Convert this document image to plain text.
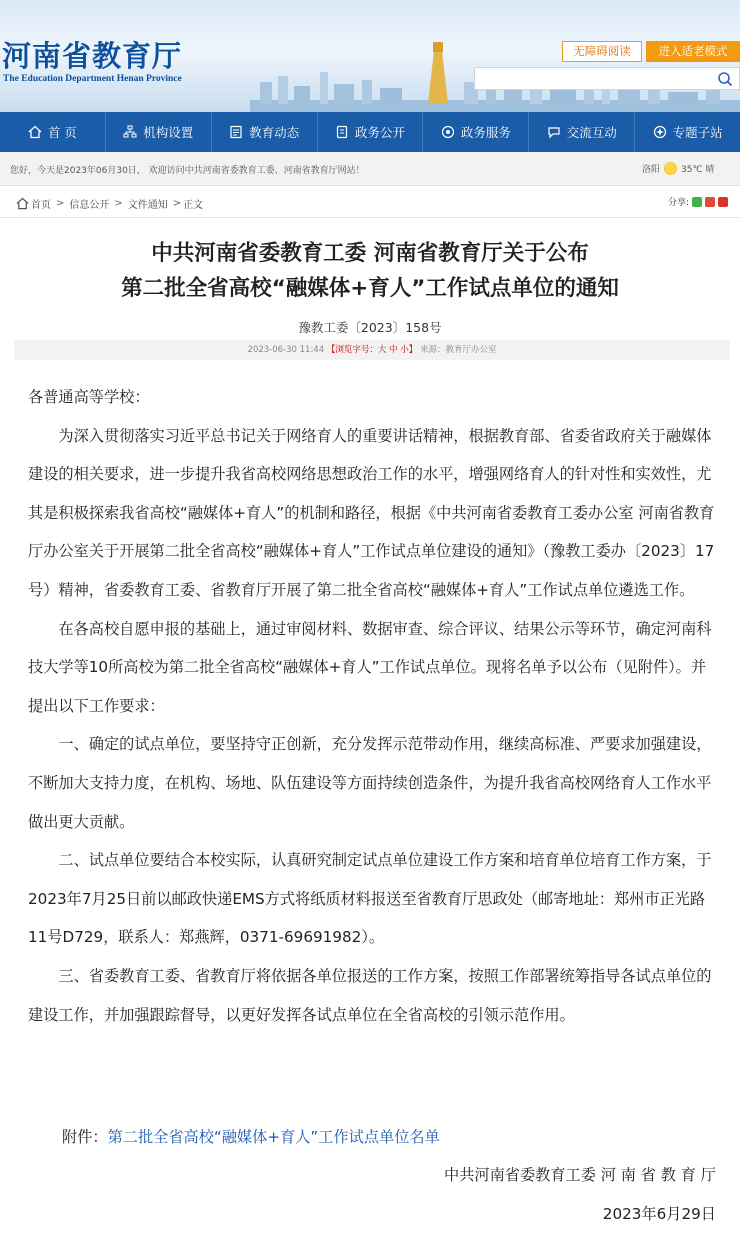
河南省教育厅
The Education Department Henan Province
无障碍阅读	进入适老模式
首 页	机构设置	教育动态	政务公开	政务服务	交流互动	专题子站
您好，今天是2023年06月30日， 欢迎访问中共河南省委教育工委、河南省教育厅网站！	洛阳 35℃ 晴
首页 > 信息公开 > 文件通知 > 正文	分享:
中共河南省委教育工委 河南省教育厅关于公布
第二批全省高校“融媒体+育人”工作试点单位的通知
豫教工委〔2023〕158号
2023-06-30 11:44 【浏览字号：大 中 小】 来源：教育厅办公室

各普通高等学校：

为深入贯彻落实习近平总书记关于网络育人的重要讲话精神，根据教育部、省委省政府关于融媒体建设的相关要求，进一步提升我省高校网络思想政治工作的水平，增强网络育人的针对性和实效性，尤其是积极探索我省高校“融媒体+育人”的机制和路径，根据《中共河南省委教育工委办公室 河南省教育厅办公室关于开展第二批全省高校“融媒体+育人”工作试点单位建设的通知》（豫教工委办〔2023〕17号）精神，省委教育工委、省教育厅开展了第二批全省高校“融媒体+育人”工作试点单位遴选工作。

在各高校自愿申报的基础上，通过审阅材料、数据审查、综合评议、结果公示等环节，确定河南科技大学等10所高校为第二批全省高校“融媒体+育人”工作试点单位。现将名单予以公布（见附件）。并提出以下工作要求：

一、确定的试点单位，要坚持守正创新，充分发挥示范带动作用，继续高标准、严要求加强建设，不断加大支持力度，在机构、场地、队伍建设等方面持续创造条件，为提升我省高校网络育人工作水平做出更大贡献。

二、试点单位要结合本校实际，认真研究制定试点单位建设工作方案和培育单位培育工作方案，于2023年7月25日前以邮政快递EMS方式将纸质材料报送至省教育厅思政处（邮寄地址：郑州市正光路11号D729，联系人：郑燕辉，0371-69691982）。

三、省委教育工委、省教育厅将依据各单位报送的工作方案，按照工作部署统筹指导各试点单位的建设工作，并加强跟踪督导，以更好发挥各试点单位在全省高校的引领示范作用。

附件：第二批全省高校“融媒体+育人”工作试点单位名单
中共河南省委教育工委 河 南 省 教 育 厅
2023年6月29日
